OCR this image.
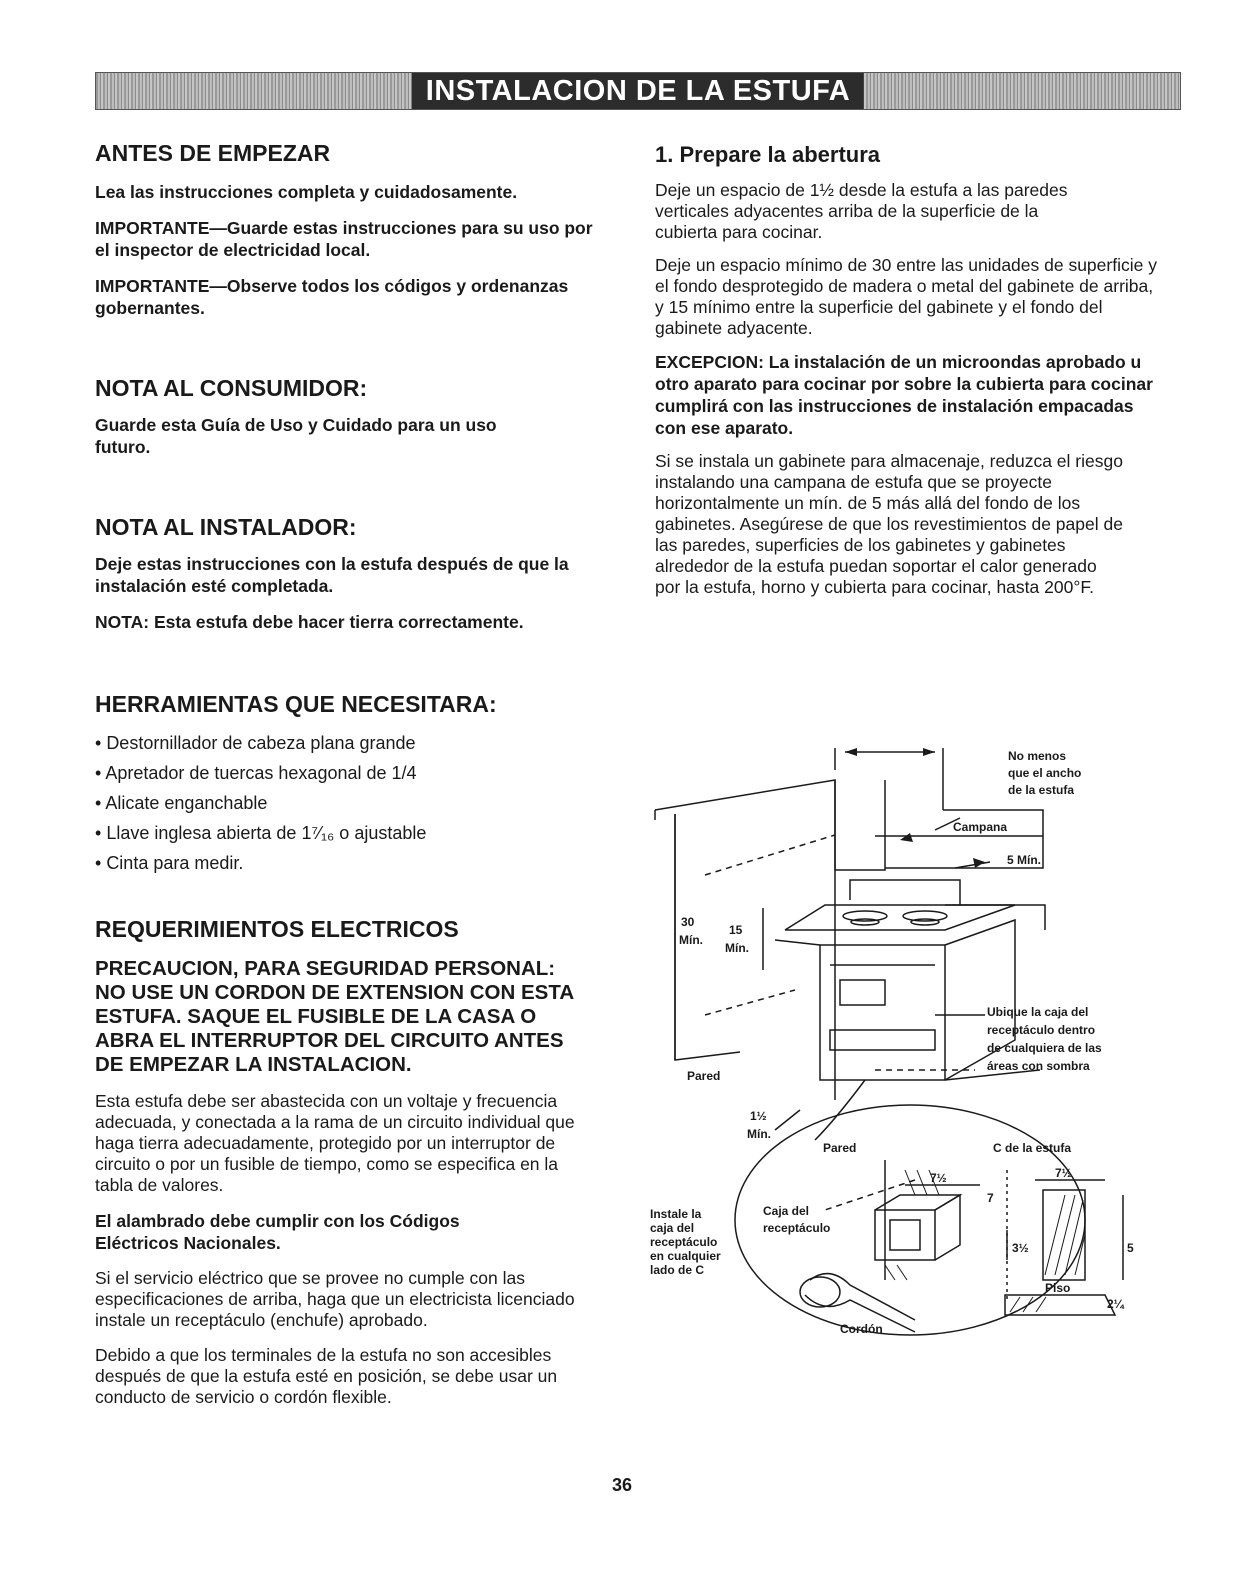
INSTALACION DE LA ESTUFA
ANTES DE EMPEZAR

Lea las instrucciones completa y cuidadosamente.

IMPORTANTE—Guarde estas instrucciones para su uso por el inspector de electricidad local.

IMPORTANTE—Observe todos los códigos y ordenanzas gobernantes.

NOTA AL CONSUMIDOR:

Guarde esta Guía de Uso y Cuidado para un uso futuro.

NOTA AL INSTALADOR:

Deje estas instrucciones con la estufa después de que la instalación esté completada.

NOTA: Esta estufa debe hacer tierra correctamente.

HERRAMIENTAS QUE NECESITARA:
• Destornillador de cabeza plana grande
• Apretador de tuercas hexagonal de 1/4
• Alicate enganchable
• Llave inglesa abierta de 1⁷⁄₁₆ o ajustable
• Cinta para medir.
REQUERIMIENTOS ELECTRICOS

PRECAUCION, PARA SEGURIDAD PERSONAL: NO USE UN CORDON DE EXTENSION CON ESTA ESTUFA. SAQUE EL FUSIBLE DE LA CASA O ABRA EL INTERRUPTOR DEL CIRCUITO ANTES DE EMPEZAR LA INSTALACION.

Esta estufa debe ser abastecida con un voltaje y frecuencia adecuada, y conectada a la rama de un circuito individual que haga tierra adecuadamente, protegido por un interruptor de circuito o por un fusible de tiempo, como se especifica en la tabla de valores.

El alambrado debe cumplir con los Códigos Eléctricos Nacionales.

Si el servicio eléctrico que se provee no cumple con las especificaciones de arriba, haga que un electricista licenciado instale un receptáculo (enchufe) aprobado.

Debido a que los terminales de la estufa no son accesibles después de que la estufa esté en posición, se debe usar un conducto de servicio o cordón flexible.

1. Prepare la abertura

Deje un espacio de 1½ desde la estufa a las paredes verticales adyacentes arriba de la superficie de la cubierta para cocinar.

Deje un espacio mínimo de 30 entre las unidades de superficie y el fondo desprotegido de madera o metal del gabinete de arriba, y 15 mínimo entre la superficie del gabinete y el fondo del gabinete adyacente.

EXCEPCION: La instalación de un microondas aprobado u otro aparato para cocinar por sobre la cubierta para cocinar cumplirá con las instrucciones de instalación empacadas con ese aparato.

Si se instala un gabinete para almacenaje, reduzca el riesgo instalando una campana de estufa que se proyecte horizontalmente un mín. de 5 más allá del fondo de los gabinetes. Asegúrese de que los revestimientos de papel de las paredes, superficies de los gabinetes y gabinetes alrededor de la estufa puedan soportar el calor generado por la estufa, horno y cubierta para cocinar, hasta 200°F.

No menos
que el ancho
de la estufa
Campana
5 Mín.
30
Mín.
15
Mín.
Ubique la caja del
receptáculo dentro
de cualquiera de las
áreas con sombra
Pared
1½
Mín.
Pared	C de la estufa
7½
7
7½
3½	5
Instale la
caja del
receptáculo
en cualquier
lado de C
Caja del
receptáculo
Piso
2¼
Cordón
36
